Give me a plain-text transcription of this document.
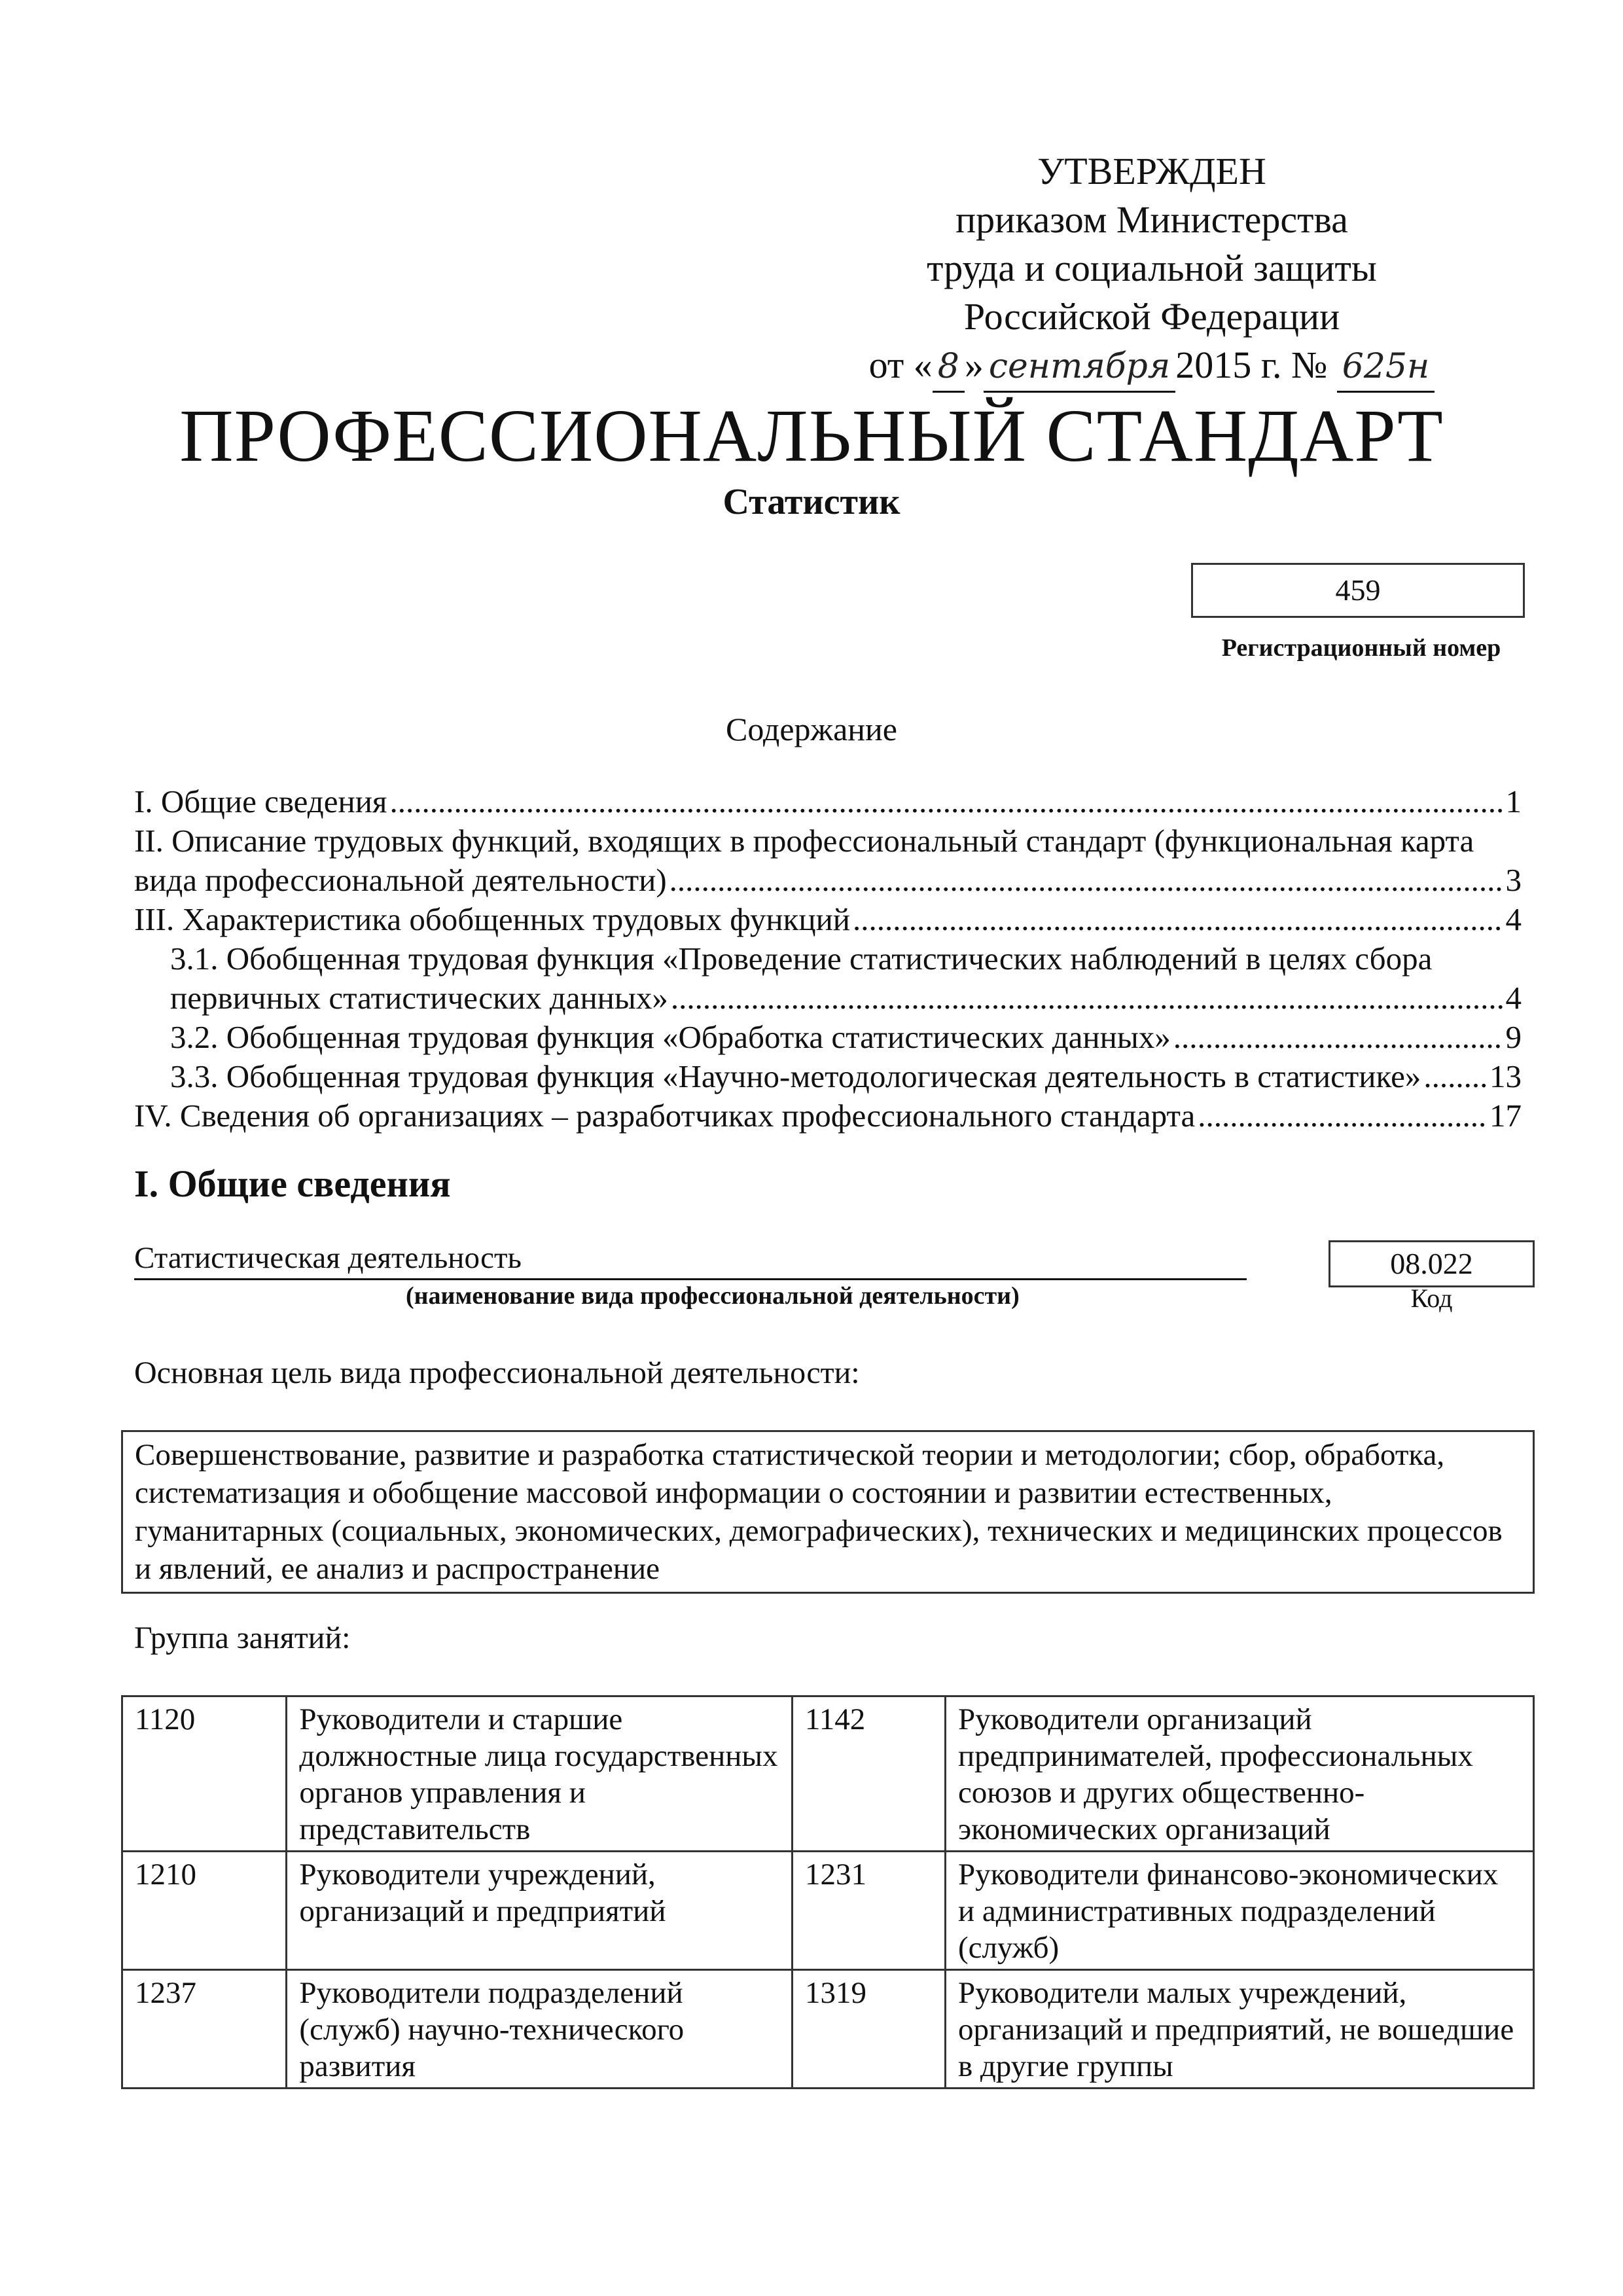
УТВЕРЖДЕН
приказом Министерства
труда и социальной защиты
Российской Федерации
от « 8 » сентября 2015 г. № 625н
ПРОФЕССИОНАЛЬНЫЙ СТАНДАРТ
Статистик
459
Регистрационный номер
Содержание
I. Общие сведения .....	1
II. Описание трудовых функций, входящих в профессиональный стандарт (функциональная карта
вида профессиональной деятельности) .....	3
III. Характеристика обобщенных трудовых функций .....	4
3.1. Обобщенная трудовая функция «Проведение статистических наблюдений в целях сбора
первичных статистических данных» .....	4
3.2. Обобщенная трудовая функция «Обработка статистических данных» .....	9
3.3. Обобщенная трудовая функция «Научно-методологическая деятельность в статистике» ..... 13
IV. Сведения об организациях – разработчиках профессионального стандарта .....	17
I. Общие сведения
Статистическая деятельность
(наименование вида профессиональной деятельности)
08.022
Код
Основная цель вида профессиональной деятельности:
Совершенствование, развитие и разработка статистической теории и методологии; сбор, обработка, систематизация и обобщение массовой информации о состоянии и развитии естественных, гуманитарных (социальных, экономических, демографических), технических и медицинских процессов и явлений, ее анализ и распространение
Группа занятий:
1120	Руководители и старшие должностные лица государственных органов управления и представительств	1142	Руководители организаций предпринимателей, профессиональных союзов и других общественно-экономических организаций
1210	Руководители учреждений, организаций и предприятий	1231	Руководители финансово-экономических и административных подразделений (служб)
1237	Руководители подразделений (служб) научно-технического развития	1319	Руководители малых учреждений, организаций и предприятий, не вошедшие в другие группы
